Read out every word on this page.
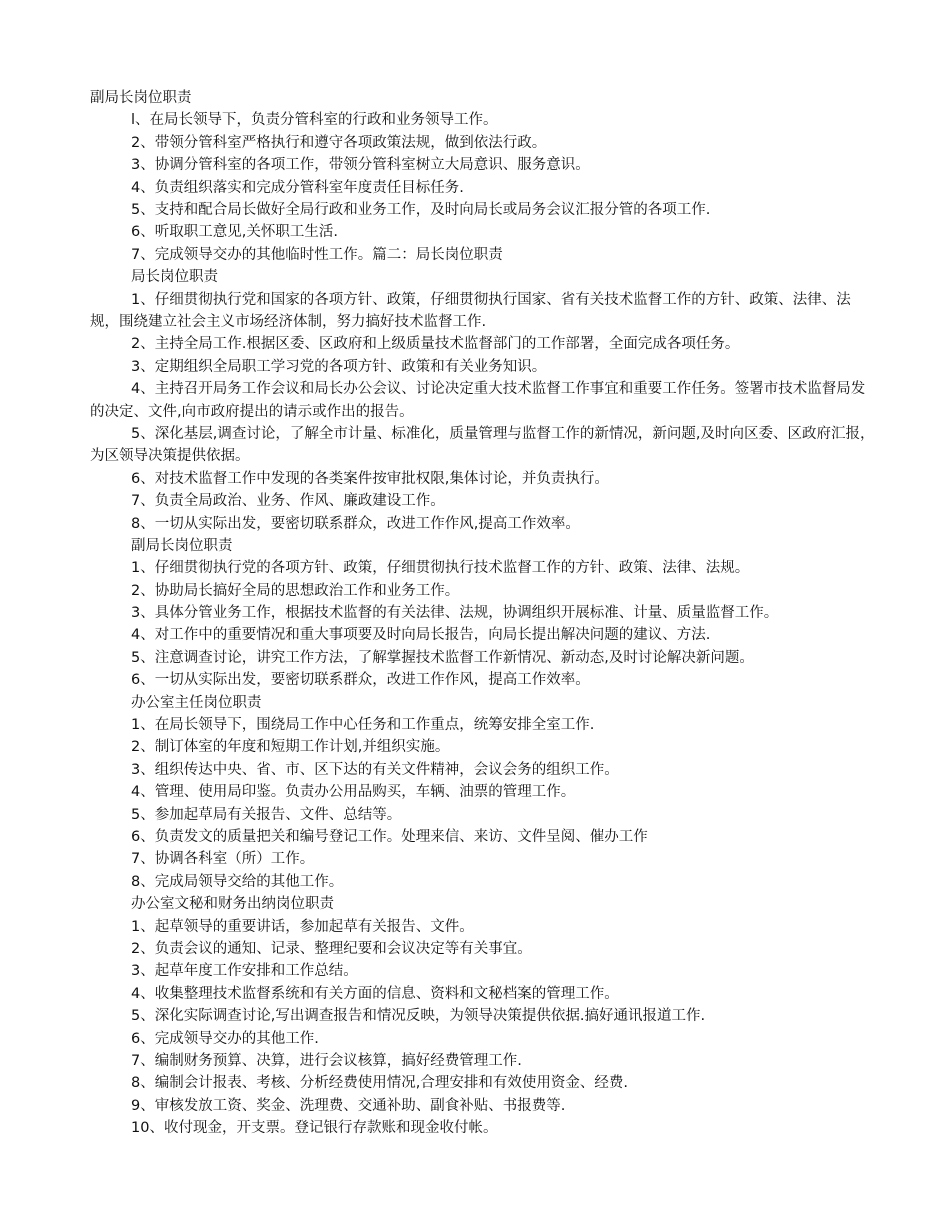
副局长岗位职责

l、在局长领导下，负责分管科室的行政和业务领导工作。

2、带领分管科室严格执行和遵守各项政策法规，做到依法行政。

3、协调分管科室的各项工作，带领分管科室树立大局意识、服务意识。

4、负责组织落实和完成分管科室年度责任目标任务.

5、支持和配合局长做好全局行政和业务工作，及时向局长或局务会议汇报分管的各项工作.

6、听取职工意见,关怀职工生活.

7、完成领导交办的其他临时性工作。篇二：局长岗位职责

局长岗位职责

1、仔细贯彻执行党和国家的各项方针、政策，仔细贯彻执行国家、省有关技术监督工作的方针、政策、法律、法规，围绕建立社会主义市场经济体制，努力搞好技术监督工作.

2、主持全局工作.根据区委、区政府和上级质量技术监督部门的工作部署，全面完成各项任务。

3、定期组织全局职工学习党的各项方针、政策和有关业务知识。

4、主持召开局务工作会议和局长办公会议、讨论决定重大技术监督工作事宜和重要工作任务。签署市技术监督局发的决定、文件,向市政府提出的请示或作出的报告。

5、深化基层,调查讨论，了解全市计量、标准化，质量管理与监督工作的新情况，新问题,及时向区委、区政府汇报，为区领导决策提供依据。

6、对技术监督工作中发现的各类案件按审批权限,集体讨论，并负责执行。

7、负责全局政治、业务、作风、廉政建设工作。

8、一切从实际出发，要密切联系群众，改进工作作风,提高工作效率。

副局长岗位职责

1、仔细贯彻执行党的各项方针、政策，仔细贯彻执行技术监督工作的方针、政策、法律、法规。

2、协助局长搞好全局的思想政治工作和业务工作。

3、具体分管业务工作，根据技术监督的有关法律、法规，协调组织开展标准、计量、质量监督工作。

4、对工作中的重要情况和重大事项要及时向局长报告，向局长提出解决问题的建议、方法.

5、注意调查讨论，讲究工作方法，了解掌握技术监督工作新情况、新动态,及时讨论解决新问题。

6、一切从实际出发，要密切联系群众，改进工作作风，提高工作效率。

办公室主任岗位职责

1、在局长领导下，围绕局工作中心任务和工作重点，统筹安排全室工作.

2、制订体室的年度和短期工作计划,并组织实施。

3、组织传达中央、省、市、区下达的有关文件精神，会议会务的组织工作。

4、管理、使用局印鉴。负责办公用品购买，车辆、油票的管理工作。

5、参加起草局有关报告、文件、总结等。

6、负责发文的质量把关和编号登记工作。处理来信、来访、文件呈阅、催办工作

7、协调各科室（所）工作。

8、完成局领导交给的其他工作。

办公室文秘和财务出纳岗位职责

1、起草领导的重要讲话，参加起草有关报告、文件。

2、负责会议的通知、记录、整理纪要和会议决定等有关事宜。

3、起草年度工作安排和工作总结。

4、收集整理技术监督系统和有关方面的信息、资料和文秘档案的管理工作。

5、深化实际调查讨论,写出调查报告和情况反映，为领导决策提供依据.搞好通讯报道工作.

6、完成领导交办的其他工作.

7、编制财务预算、决算，进行会议核算，搞好经费管理工作.

8、编制会计报表、考核、分析经费使用情况,合理安排和有效使用资金、经费.

9、审核发放工资、奖金、洗理费、交通补助、副食补贴、书报费等.

10、收付现金，开支票。登记银行存款账和现金收付帐。
